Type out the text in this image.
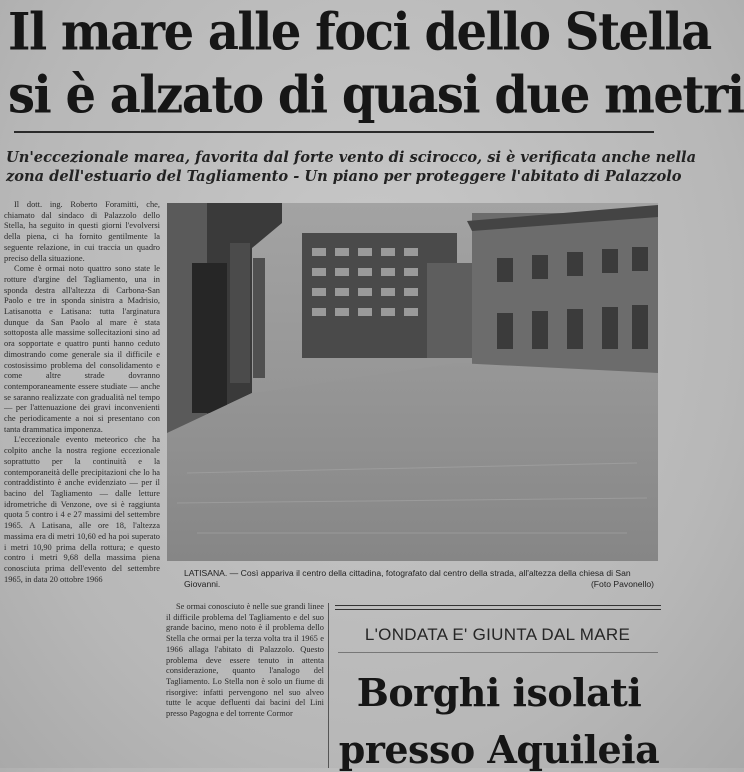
Il mare alle foci dello Stella
si è alzato di quasi due metri
Un'eccezionale marea, favorita dal forte vento di scirocco, si è verificata anche nella
zona dell'estuario del Tagliamento - Un piano per proteggere l'abitato di Palazzolo

Il dott. ing. Roberto Foramitti, che, chiamato dal sindaco di Palazzolo dello Stella, ha seguito in questi giorni l'evolversi della piena, ci ha fornito gentilmente la seguente relazione, in cui traccia un quadro preciso della situazione.

Come è ormai noto quattro sono state le rotture d'argine del Tagliamento, una in sponda destra all'altezza di Carbona-San Paolo e tre in sponda sinistra a Madrisio, Latisanotta e Latisana: tutta l'arginatura dunque da San Paolo al mare è stata sottoposta alle massime sollecitazioni sino ad ora sopportate e quattro punti hanno ceduto dimostrando come generale sia il difficile e costosissimo problema del consolidamento e come altre strade dovranno contemporaneamente essere studiate — anche se saranno realizzate con gradualità nel tempo — per l'attenuazione dei gravi inconvenienti che periodicamente a noi si presentano con tanta drammatica imponenza.

L'eccezionale evento meteorico che ha colpito anche la nostra regione eccezionale soprattutto per la continuità e la contemporaneità delle precipitazioni che lo ha contraddistinto è anche evidenziato — per il bacino del Tagliamento — dalle letture idrometriche di Venzone, ove si è raggiunta quota 5 contro i 4 e 27 massimi del settembre 1965. A Latisana, alle ore 18, l'altezza massima era di metri 10,60 ed ha poi superato i metri 10,90 prima della rottura; e questo contro i metri 9,68 della massima piena conosciuta prima dell'evento del settembre 1965, in data 20 ottobre 1966

LATISANA. — Così appariva il centro della cittadina, fotografato dal centro della strada, all'altezza della chiesa di San Giovanni.	(Foto Pavonello)

Se ormai conosciuto è nelle sue grandi linee il difficile problema del Tagliamento e del suo grande bacino, meno noto è il problema dello Stella che ormai per la terza volta tra il 1965 e 1966 allaga l'abitato di Palazzolo. Questo problema deve essere tenuto in attenta considerazione, quanto l'analogo del Tagliamento. Lo Stella non è solo un fiume di risorgive: infatti pervengono nel suo alveo tutte le acque defluenti dai bacini del Lini presso Pagogna e del torrente Cormor

L'ONDATA E' GIUNTA DAL MARE
Borghi isolati
presso Aquileia
